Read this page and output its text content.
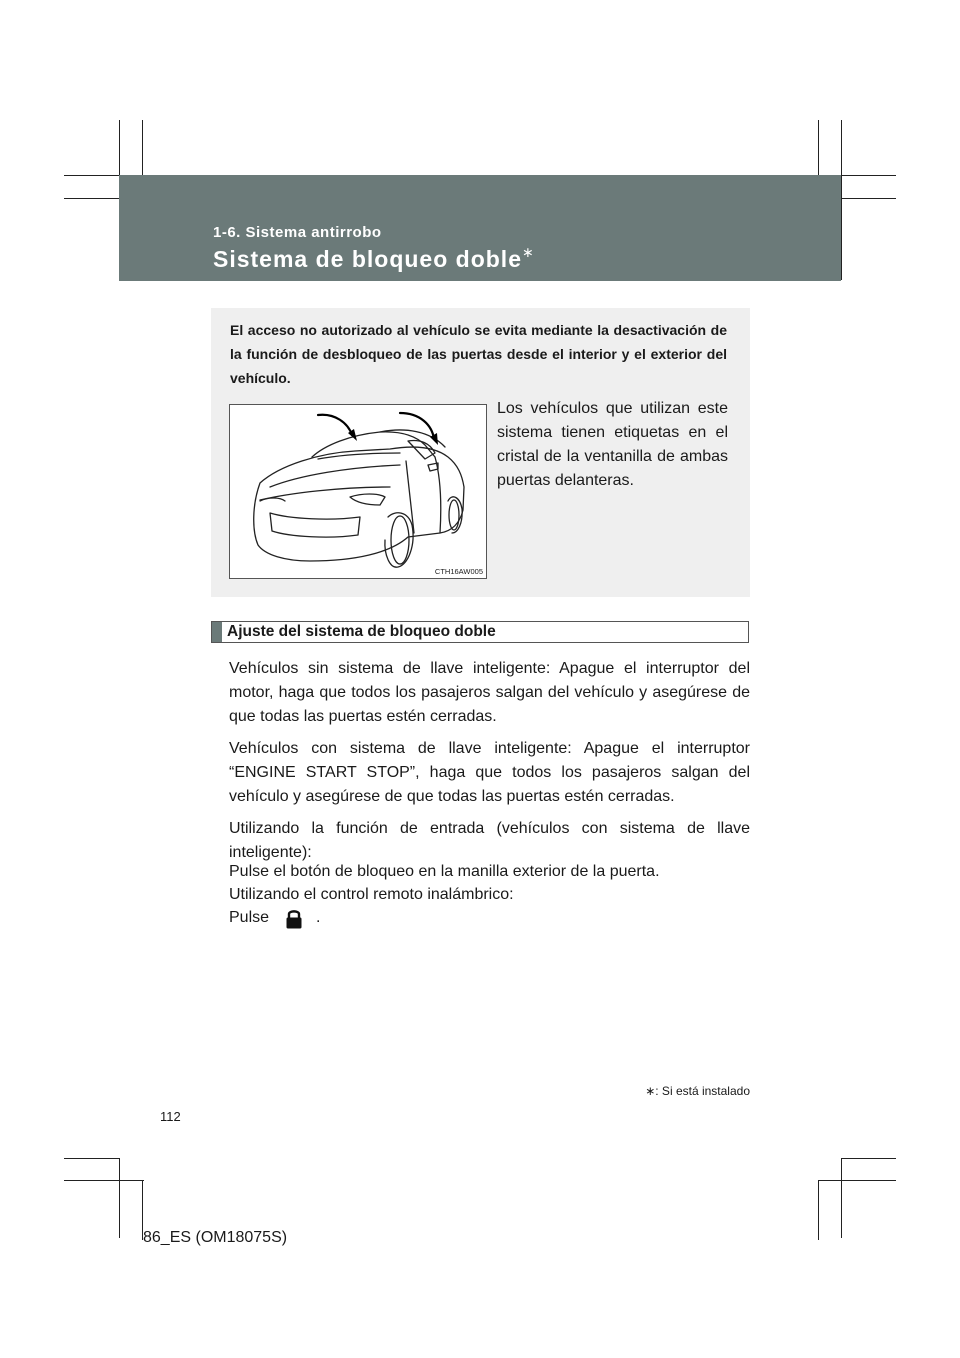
1-6. Sistema antirrobo
Sistema de bloqueo doble∗
El acceso no autorizado al vehículo se evita mediante la desactivación de la función de desbloqueo de las puertas desde el interior y el exterior del vehículo.
CTH16AW005
Los vehículos que utilizan este sistema tienen etiquetas en el cristal de la ventanilla de ambas puertas delanteras.
Ajuste del sistema de bloqueo doble

Vehículos sin sistema de llave inteligente: Apague el interruptor del motor, haga que todos los pasajeros salgan del vehículo y asegúrese de que todas las puertas estén cerradas.

Vehículos con sistema de llave inteligente: Apague el interruptor “ENGINE START STOP”, haga que todos los pasajeros salgan del vehículo y asegúrese de que todas las puertas estén cerradas.

Utilizando la función de entrada (vehículos con sistema de llave inteligente):

Pulse el botón de bloqueo en la manilla exterior de la puerta.
Utilizando el control remoto inalámbrico:
Pulse	.
∗: Si está instalado
112
86_ES (OM18075S)
